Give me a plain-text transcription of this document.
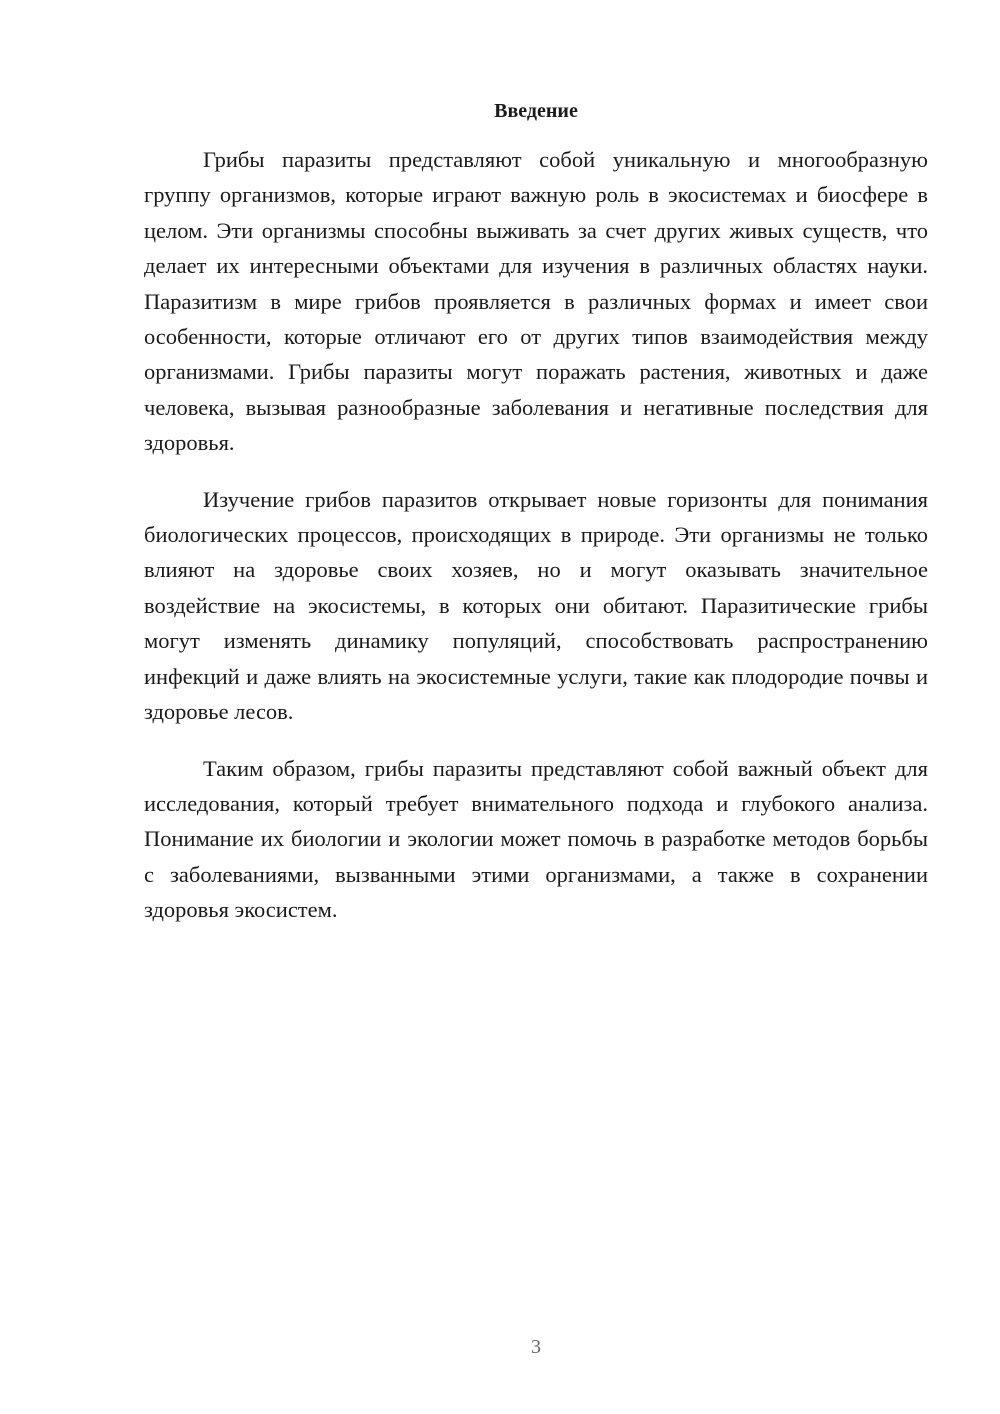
Введение

Грибы паразиты представляют собой уникальную и многообразную группу организмов, которые играют важную роль в экосистемах и биосфере в целом. Эти организмы способны выживать за счет других живых существ, что делает их интересными объектами для изучения в различных областях науки. Паразитизм в мире грибов проявляется в различных формах и имеет свои особенности, которые отличают его от других типов взаимодействия между организмами. Грибы паразиты могут поражать растения, животных и даже человека, вызывая разнообразные заболевания и негативные последствия для здоровья.

Изучение грибов паразитов открывает новые горизонты для понимания биологических процессов, происходящих в природе. Эти организмы не только влияют на здоровье своих хозяев, но и могут оказывать значительное воздействие на экосистемы, в которых они обитают. Паразитические грибы могут изменять динамику популяций, способствовать распространению инфекций и даже влиять на экосистемные услуги, такие как плодородие почвы и здоровье лесов.

Таким образом, грибы паразиты представляют собой важный объект для исследования, который требует внимательного подхода и глубокого анализа. Понимание их биологии и экологии может помочь в разработке методов борьбы с заболеваниями, вызванными этими организмами, а также в сохранении здоровья экосистем.

3
